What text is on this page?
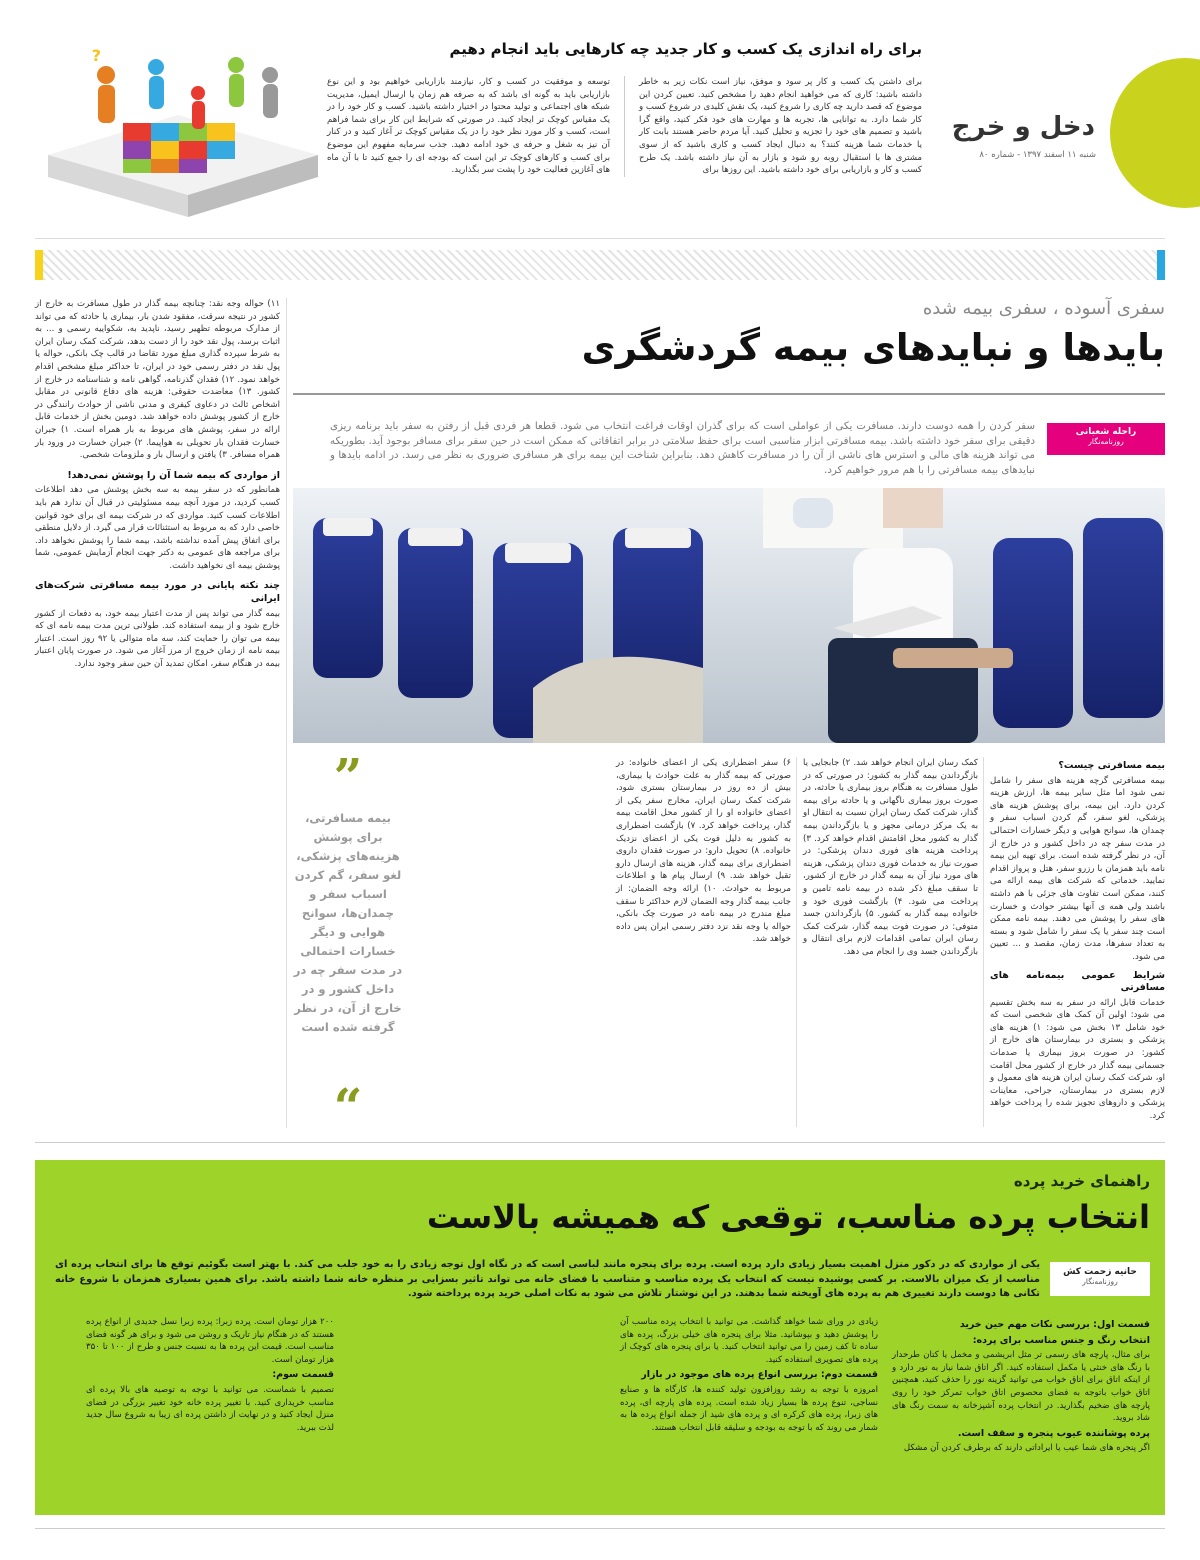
دخل و خرج
شنبه ۱۱ اسفند ۱۳۹۷ - شماره ۸۰
برای راه اندازی یک کسب و کار جدید چه کارهایی باید انجام دهیم
برای داشتن یک کسب و کار پر سود و موفق، نیاز است نکات زیر به خاطر داشته باشید: کاری که می خواهید انجام دهید را مشخص کنید. تعیین کردن این موضوع که قصد دارید چه کاری را شروع کنید، یک نقش کلیدی در شروع کسب و کار شما دارد. به توانایی ها، تجربه ها و مهارت های خود فکر کنید، واقع گرا باشید و تصمیم های خود را تجزیه و تحلیل کنید. آیا مردم حاضر هستند بابت کار یا خدمات شما هزینه کنند؟ به دنبال ایجاد کسب و کاری باشید که از سوی مشتری ها با استقبال روبه رو شود و بازار به آن نیاز داشته باشد. یک طرح کسب و کار و بازاریابی برای خود داشته باشید. این روزها برای
توسعه و موفقیت در کسب و کار، نیازمند بازاریابی خواهیم بود و این نوع بازاریابی باید به گونه ای باشد که به صرفه هم زمان یا ارسال ایمیل، مدیریت شبکه های اجتماعی و تولید محتوا در اختیار داشته باشید. کسب و کار خود را در یک مقیاس کوچک تر ایجاد کنید. در صورتی که شرایط این کار برای شما فراهم است، کسب و کار مورد نظر خود را در یک مقیاس کوچک تر آغاز کنید و در کنار آن نیز به شغل و حرفه ی خود ادامه دهید. جذب سرمایه مفهوم این موضوع برای کسب و کارهای کوچک تر این است که بودجه ای را جمع کنید تا با آن ماه های آغازین فعالیت خود را پشت سر بگذارید.
?
سفری آسوده ، سفری بیمه شده
بایدها و نبایدهای بیمه گردشگری
راحله شعبانی
روزنامه‌نگار
سفر کردن را همه دوست دارند. مسافرت یکی از عواملی است که برای گذران اوقات فراغت انتخاب می شود. قطعا هر فردی قبل از رفتن به سفر باید برنامه ریزی دقیقی برای سفر خود داشته باشد. بیمه مسافرتی ابزار مناسبی است برای حفظ سلامتی در برابر اتفاقاتی که ممکن است در حین سفر برای مسافر بوجود آید. بطوریکه می تواند هزینه های مالی و استرس های ناشی از آن را در مسافرت کاهش دهد. بنابراین شناخت این بیمه برای هر مسافری ضروری به نظر می رسد. در ادامه بایدها و نبایدهای بیمه مسافرتی را با هم مرور خواهیم کرد.
بیمه مسافرتی چیست؟

بیمه مسافرتی گرچه هزینه های سفر را شامل نمی شود اما مثل سایر بیمه ها، ارزش هزینه کردن دارد. این بیمه، برای پوشش هزینه های پزشکی، لغو سفر، گم کردن اسباب سفر و چمدان ها، سوانح هوایی و دیگر خسارات احتمالی در مدت سفر چه در داخل کشور و در خارج از آن، در نظر گرفته شده است. برای تهیه این بیمه نامه باید همزمان با رزرو سفر، هتل و پرواز اقدام نمایید. خدماتی که شرکت های بیمه ارائه می کنند، ممکن است تفاوت های جزئی با هم داشته باشند ولی همه ی آنها بیشتر حوادث و خسارت های سفر را پوشش می دهند. بیمه نامه ممکن است چند سفر یا یک سفر را شامل شود و بسته به تعداد سفرها، مدت زمان، مقصد و ... تعیین می شود.

شرایط عمومی بیمه‌نامه های مسافرتی

خدمات قابل ارائه در سفر به سه بخش تقسیم می شود: اولین آن کمک های شخصی است که خود شامل ۱۳ بخش می شود: ۱) هزینه های پزشکی و بستری در بیمارستان های خارج از کشور: در صورت بروز بیماری یا صدمات جسمانی بیمه گذار در خارج از کشور محل اقامت او، شرکت کمک رسان ایران هزینه های معمول و لازم بستری در بیمارستان، جراحی، معاینات پزشکی و داروهای تجویز شده را پرداخت خواهد کرد.

کمک رسان ایران انجام خواهد شد. ۲) جابجایی یا بازگرداندن بیمه گذار به کشور: در صورتی که در طول مسافرت به هنگام بروز بیماری یا حادثه، در صورت بروز بیماری ناگهانی و یا حادثه برای بیمه گذار، شرکت کمک رسان ایران نسبت به انتقال او به یک مرکز درمانی مجهز و یا بازگرداندن بیمه گذار به کشور محل اقامتش اقدام خواهد کرد. ۳) پرداخت هزینه های فوری دندان پزشکی: در صورت نیاز به خدمات فوری دندان پزشکی، هزینه های مورد نیاز آن به بیمه گذار در خارج از کشور، تا سقف مبلغ ذکر شده در بیمه نامه تامین و پرداخت می شود. ۴) بازگشت فوری خود و خانواده بیمه گذار به کشور. ۵) بازگرداندن جسد متوفی: در صورت فوت بیمه گذار، شرکت کمک رسان ایران تمامی اقدامات لازم برای انتقال و بازگرداندن جسد وی را انجام می دهد.
۶) سفر اضطراری یکی از اعضای خانواده: در صورتی که بیمه گذار به علت حوادث یا بیماری، بیش از ده روز در بیمارستان بستری شود، شرکت کمک رسان ایران، مخارج سفر یکی از اعضای خانواده او را از کشور محل اقامت بیمه گذار، پرداخت خواهد کرد. ۷) بازگشت اضطراری به کشور به دلیل فوت یکی از اعضای نزدیک خانواده. ۸) تحویل دارو: در صورت فقدان داروی اضطراری برای بیمه گذار، هزینه های ارسال دارو تقبل خواهد شد. ۹) ارسال پیام ها و اطلاعات مربوط به حوادث. ۱۰) ارائه وجه الضمان: از جانب بیمه گذار وجه الضمان لازم حداکثر تا سقف مبلغ مندرج در بیمه نامه در صورت چک بانکی، حواله یا وجه نقد نزد دفتر رسمی ایران پس داده خواهد شد.
”
بیمه مسافرتی، برای پوشش هزینه‌های پزشکی، لغو سفر، گم کردن اسباب سفر و چمدان‌ها، سوانح هوایی و دیگر خسارات احتمالی در مدت سفر چه در داخل کشور و در خارج از آن، در نظر گرفته شده است
“

۱۱) حواله وجه نقد: چنانچه بیمه گذار در طول مسافرت به خارج از کشور در نتیجه سرقت، مفقود شدن بار، بیماری یا حادثه که می تواند از مدارک مربوطه تظهیر رسید، ناپدید به، شکواییه رسمی و ... به اثبات برسد، پول نقد خود را از دست بدهد، شرکت کمک رسان ایران به شرط سپرده گذاری مبلغ مورد تقاضا در قالب چک بانکی، حواله یا پول نقد در دفتر رسمی خود در ایران، تا حداکثر مبلغ مشخص اقدام خواهد نمود. ۱۲) فقدان گذرنامه، گواهی نامه و شناسنامه در خارج از کشور. ۱۳) معاضدت حقوقی: هزینه های دفاع قانونی در مقابل اشخاص ثالث در دعاوی کیفری و مدنی ناشی از حوادث رانندگی در خارج از کشور پوشش داده خواهد شد. دومین بخش از خدمات قابل ارائه در سفر، پوشش های مربوط به بار همراه است. ۱) جبران خسارت فقدان بار تحویلی به هواپیما. ۲) جبران خسارت در ورود بار همراه مسافر. ۳) یافتن و ارسال بار و ملزومات شخصی.

از مواردی که بیمه شما آن را پوشش نمی‌دهد!

همانطور که در سفر بیمه به سه بخش پوشش می دهد اطلاعات کسب کردید، در مورد آنچه بیمه مسئولیتی در قبال آن ندارد هم باید اطلاعات کسب کنید. مواردی که در شرکت بیمه ای برای خود قوانین خاصی دارد که به مربوط به استثنائات قرار می گیرد. از دلایل منطقی برای اتفاق پیش آمده نداشته باشد، بیمه شما را پوشش نخواهد داد. برای مراجعه های عمومی به دکتر جهت انجام آزمایش عمومی، شما پوشش بیمه ای نخواهید داشت.

چند نکته پایانی در مورد بیمه مسافرتی شرکت‌های ایرانی

بیمه گذار می تواند پس از مدت اعتبار بیمه خود، به دفعات از کشور خارج شود و از بیمه استفاده کند. طولانی ترین مدت بیمه نامه ای که بیمه می توان را حمایت کند، سه ماه متوالی یا ۹۲ روز است. اعتبار بیمه نامه از زمان خروج از مرز آغاز می شود. در صورت پایان اعتبار بیمه در هنگام سفر، امکان تمدید آن حین سفر وجود ندارد.

راهنمای خرید پرده
انتخاب پرده مناسب، توقعی که همیشه بالاست
حانیه زحمت کش
روزنامه‌نگار
یکی از مواردی که در دکور منزل اهمیت بسیار زیادی دارد پرده است. پرده برای پنجره مانند لباسی است که در نگاه اول توجه زیادی را به خود جلب می کند. با بهتر است بگوئیم توقع ها برای انتخاب پرده ای مناسب از یک میزان بالاست. بر کسی پوشیده نیست که انتخاب یک پرده مناسب و متناسب با فضای خانه می تواند تاثیر بسزایی بر منظره خانه شما داشته باشد. برای همین بسیاری همزمان با شروع خانه تکانی ها دوست دارند تغییری هم به پرده های آویخته شما بدهند. در این نوشتار تلاش می شود به نکات اصلی خرید پرده پرداخته شود.
قسمت اول: بررسی نکات مهم حین خرید
انتخاب رنگ و جنس مناسب برای پرده:

برای مثال، پارچه های رسمی تر مثل ابریشمی و مخمل یا کتان طرحدار با رنگ های خنثی یا مکمل استفاده کنید. اگر اتاق شما نیاز به نور دارد و از اینکه اتاق برای اتاق خواب می توانید گزینه نور را حذف کنید، همچنین اتاق خواب باتوجه به فضای محصوص اتاق خواب تمرکز خود را روی پارچه های ضخیم بگذارید. در انتخاب پرده آشپزخانه به سمت رنگ های شاد بروید.

پرده پوشاننده عیوب پنجره و سقف است.

اگر پنجره های شما عیب یا ایراداتی دارند که برطرف کردن آن مشکل

زیادی در ورای شما خواهد گذاشت. می توانید با انتخاب پرده مناسب آن را پوشش دهید و بپوشانید. مثلا برای پنجره های خیلی بزرگ، پرده های ساده تا کف زمین را می توانید انتخاب کنید. یا برای پنجره های کوچک از پرده های تصویری استفاده کنید.

قسمت دوم: بررسی انواع پرده های موجود در بازار

امروزه با توجه به رشد روزافزون تولید کننده ها، کارگاه ها و صنایع نساجی، تنوع پرده ها بسیار زیاد شده است. پرده های پارچه ای، پرده های زبرا، پرده های کرکره ای و پرده های شید از جمله انواع پرده ها به شمار می روند که با توجه به بودجه و سلیقه قابل انتخاب هستند.

۲۰۰ هزار تومان است. پرده زبرا: پرده زبرا نسل جدیدی از انواع پرده هستند که در هنگام نیاز تاریک و روشن می شود و برای هر گونه فضای مناسب است. قیمت این پرده ها به نسبت جنس و طرح از ۱۰۰ تا ۳۵۰ هزار تومان است.

قسمت سوم:

تصمیم با شماست. می توانید با توجه به توصیه های بالا پرده ای مناسب خریداری کنید. با تغییر پرده خانه خود تغییر بزرگی در فضای منزل ایجاد کنید و در نهایت از داشتن پرده ای زیبا به شروع سال جدید لذت ببرید.
